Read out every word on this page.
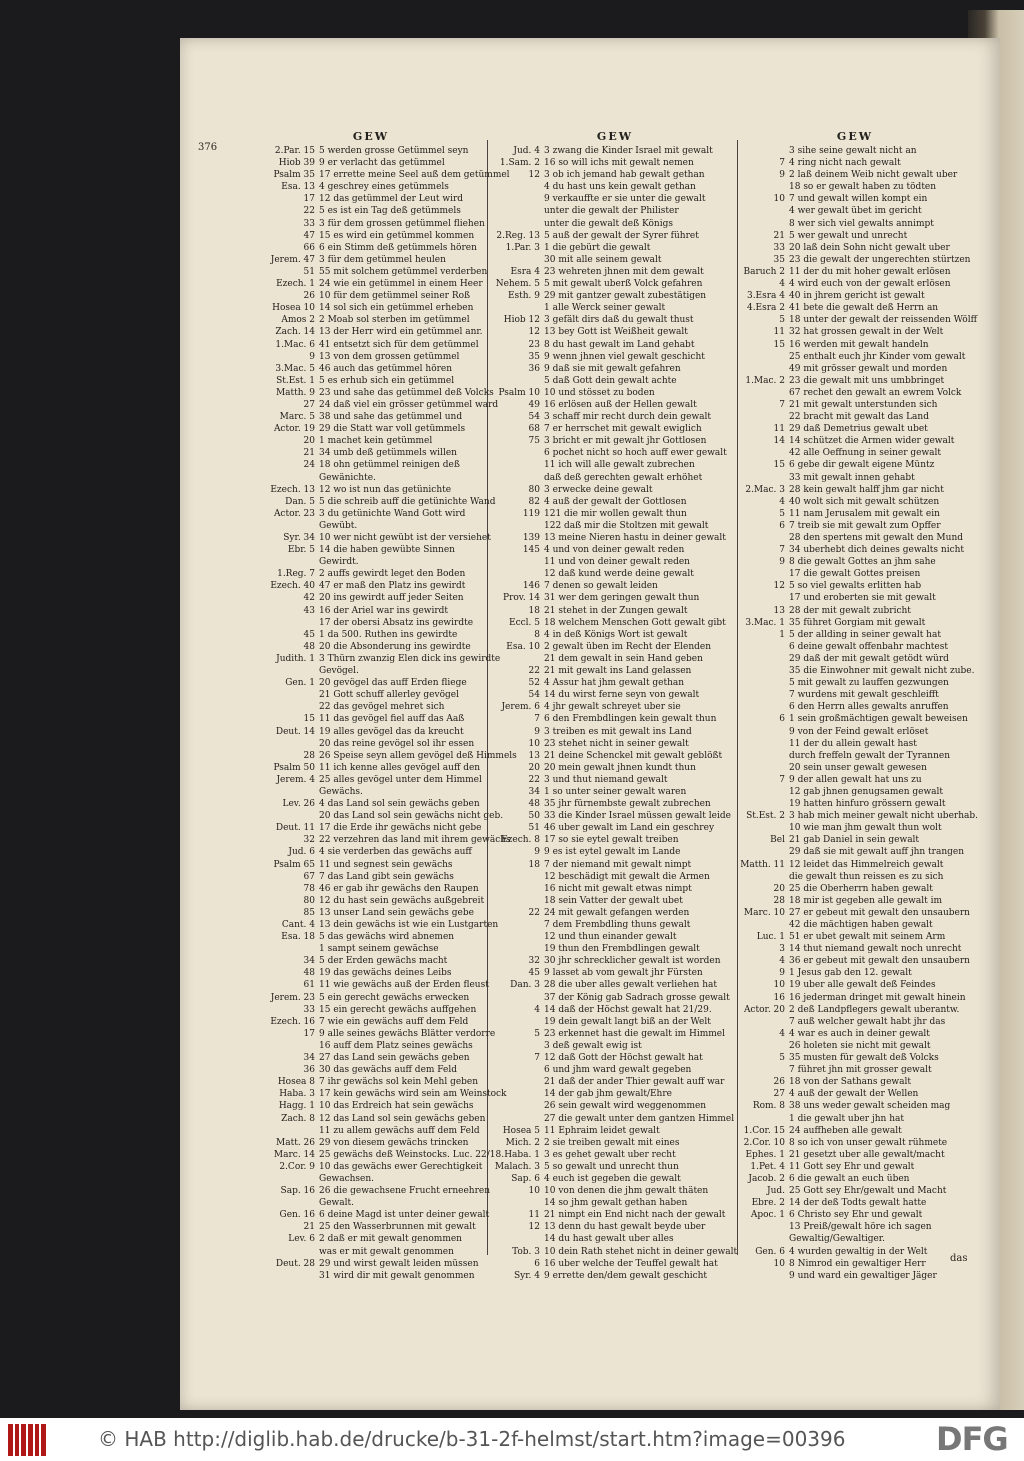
376
GEW
2.Par. 15 5 werden grosse Getümmel seyn
Hiob 39 9 er verlacht das getümmel
Psalm 35 17 errette meine Seel auß dem getümmel
Esa. 13 4 geschrey eines getümmels
17 12 das getümmel der Leut wird
22 5 es ist ein Tag deß getümmels
33 3 für dem grossen getümmel fliehen
47 15 es wird ein getümmel kommen
66 6 ein Stimm deß getümmels hören
Jerem. 47 3 für dem getümmel heulen
51 55 mit solchem getümmel verderben
Ezech. 1 24 wie ein getümmel in einem Heer
26 10 für dem getümmel seiner Roß
Hosea 10 14 sol sich ein getümmel erheben
Amos 2 2 Moab sol sterben im getümmel
Zach. 14 13 der Herr wird ein getümmel anr.
1.Mac. 6 41 entsetzt sich für dem getümmel
9 13 von dem grossen getümmel
3.Mac. 5 46 auch das getümmel hören
St.Est. 1 5 es erhub sich ein getümmel
Matth. 9 23 und sahe das getümmel deß Volcks
27 24 daß viel ein grösser getümmel ward
Marc. 5 38 und sahe das getümmel und
Actor. 19 29 die Statt war voll getümmels
20 1 machet kein getümmel
21 34 umb deß getümmels willen
24 18 ohn getümmel reinigen deß
Gewänichte.
Ezech. 13 12 wo ist nun das getünichte
Dan. 5 5 die schreib auff die getünichte Wand
Actor. 23 3 du getünichte Wand Gott wird
Gewübt.
Syr. 34 10 wer nicht gewübt ist der versiehet
Ebr. 5 14 die haben gewübte Sinnen
Gewirdt.
1.Reg. 7 2 auffs gewirdt leget den Boden
Ezech. 40 47 er maß den Platz ins gewirdt
42 20 ins gewirdt auff jeder Seiten
43 16 der Ariel war ins gewirdt
17 der obersi Absatz ins gewirdte
45 1 da 500. Ruthen ins gewirdte
48 20 die Absonderung ins gewirdte
Judith. 1 3 Thürn zwanzig Elen dick ins gewirdte
Gevögel.
Gen. 1 20 gevögel das auff Erden fliege
21 Gott schuff allerley gevögel
22 das gevögel mehret sich
15 11 das gevögel fiel auff das Aaß
Deut. 14 19 alles gevögel das da kreucht
20 das reine gevögel sol ihr essen
28 26 Speise seyn allem gevögel deß Himmels
Psalm 50 11 ich kenne alles gevögel auff den
Jerem. 4 25 alles gevögel unter dem Himmel
Gewächs.
Lev. 26 4 das Land sol sein gewächs geben
20 das Land sol sein gewächs nicht geb.
Deut. 11 17 die Erde ihr gewächs nicht gebe
32 22 verzehren das land mit ihrem gewächs
Jud. 6 4 sie verderben das gewächs auff
Psalm 65 11 und segnest sein gewächs
67 7 das Land gibt sein gewächs
78 46 er gab ihr gewächs den Raupen
80 12 du hast sein gewächs außgebreit
85 13 unser Land sein gewächs gebe
Cant. 4 13 dein gewächs ist wie ein Lustgarten
Esa. 18 5 das gewächs wird abnemen
1 sampt seinem gewächse
34 5 der Erden gewächs macht
48 19 das gewächs deines Leibs
61 11 wie gewächs auß der Erden fleust
Jerem. 23 5 ein gerecht gewächs erwecken
33 15 ein gerecht gewächs auffgehen
Ezech. 16 7 wie ein gewächs auff dem Feld
17 9 alle seines gewächs Blätter verdorre
16 auff dem Platz seines gewächs
34 27 das Land sein gewächs geben
36 30 das gewächs auff dem Feld
Hosea 8 7 ihr gewächs sol kein Mehl geben
Haba. 3 17 kein gewächs wird sein am Weinstock
Hagg. 1 10 das Erdreich hat sein gewächs
Zach. 8 12 das Land sol sein gewächs geben
11 zu allem gewächs auff dem Feld
Matt. 26 29 von diesem gewächs trincken
Marc. 14 25 gewächs deß Weinstocks. Luc. 22/18.
2.Cor. 9 10 das gewächs ewer Gerechtigkeit
Gewachsen.
Sap. 16 26 die gewachsene Frucht erneehren
Gewalt.
Gen. 16 6 deine Magd ist unter deiner gewalt
21 25 den Wasserbrunnen mit gewalt
Lev. 6 2 daß er mit gewalt genommen
was er mit gewalt genommen
Deut. 28 29 und wirst gewalt leiden müssen
31 wird dir mit gewalt genommen
GEW
Jud. 4 3 zwang die Kinder Israel mit gewalt
1.Sam. 2 16 so will ichs mit gewalt nemen
12 3 ob ich jemand hab gewalt gethan
4 du hast uns kein gewalt gethan
9 verkauffte er sie unter die gewalt
unter die gewalt der Philister
unter die gewalt deß Königs
2.Reg. 13 5 auß der gewalt der Syrer führet
1.Par. 3 1 die gebürt die gewalt
30 mit alle seinem gewalt
Esra 4 23 wehreten jhnen mit dem gewalt
Nehem. 5 5 mit gewalt uberß Volck gefahren
Esth. 9 29 mit gantzer gewalt zubestätigen
1 alle Werck seiner gewalt
Hiob 12 3 gefält dirs daß du gewalt thust
12 13 bey Gott ist Weißheit gewalt
23 8 du hast gewalt im Land gehabt
35 9 wenn jhnen viel gewalt geschicht
36 9 daß sie mit gewalt gefahren
5 daß Gott dein gewalt achte
Psalm 10 10 und stösset zu boden
49 16 erlösen auß der Hellen gewalt
54 3 schaff mir recht durch dein gewalt
68 7 er herrschet mit gewalt ewiglich
75 3 bricht er mit gewalt jhr Gottlosen
6 pochet nicht so hoch auff ewer gewalt
11 ich will alle gewalt zubrechen
daß deß gerechten gewalt erhöhet
80 3 erwecke deine gewalt
82 4 auß der gewalt der Gottlosen
119 121 die mir wollen gewalt thun
122 daß mir die Stoltzen mit gewalt
139 13 meine Nieren hastu in deiner gewalt
145 4 und von deiner gewalt reden
11 und von deiner gewalt reden
12 daß kund werde deine gewalt
146 7 denen so gewalt leiden
Prov. 14 31 wer dem geringen gewalt thun
18 21 stehet in der Zungen gewalt
Eccl. 5 18 welchem Menschen Gott gewalt gibt
8 4 in deß Königs Wort ist gewalt
Esa. 10 2 gewalt üben im Recht der Elenden
21 dem gewalt in sein Hand geben
22 21 mit gewalt ins Land gelassen
52 4 Assur hat jhm gewalt gethan
54 14 du wirst ferne seyn von gewalt
Jerem. 6 4 jhr gewalt schreyet uber sie
7 6 den Frembdlingen kein gewalt thun
9 3 treiben es mit gewalt ins Land
10 23 stehet nicht in seiner gewalt
13 21 deine Schenckel mit gewalt geblößt
20 20 mein gewalt jhnen kundt thun
22 3 und thut niemand gewalt
34 1 so unter seiner gewalt waren
48 35 jhr fürnembste gewalt zubrechen
50 33 die Kinder Israel müssen gewalt leide
51 46 uber gewalt im Land ein geschrey
Ezech. 8 17 so sie eytel gewalt treiben
9 9 es ist eytel gewalt im Lande
18 7 der niemand mit gewalt nimpt
12 beschädigt mit gewalt die Armen
16 nicht mit gewalt etwas nimpt
18 sein Vatter der gewalt ubet
22 24 mit gewalt gefangen werden
7 dem Frembdling thuns gewalt
12 und thun einander gewalt
19 thun den Frembdlingen gewalt
32 30 jhr schrecklicher gewalt ist worden
45 9 lasset ab vom gewalt jhr Fürsten
Dan. 3 28 die uber alles gewalt verliehen hat
37 der König gab Sadrach grosse gewalt
4 14 daß der Höchst gewalt hat 21/29.
19 dein gewalt langt biß an der Welt
5 23 erkennet hast die gewalt im Himmel
3 deß gewalt ewig ist
7 12 daß Gott der Höchst gewalt hat
6 und jhm ward gewalt gegeben
21 daß der ander Thier gewalt auff war
14 der gab jhm gewalt/Ehre
26 sein gewalt wird weggenommen
27 die gewalt unter dem gantzen Himmel
Hosea 5 11 Ephraim leidet gewalt
Mich. 2 2 sie treiben gewalt mit eines
Haba. 1 3 es gehet gewalt uber recht
Malach. 3 5 so gewalt und unrecht thun
Sap. 6 4 euch ist gegeben die gewalt
10 10 von denen die jhm gewalt thäten
14 so jhm gewalt gethan haben
11 21 nimpt ein End nicht nach der gewalt
12 13 denn du hast gewalt beyde uber
14 du hast gewalt uber alles
Tob. 3 10 dein Rath stehet nicht in deiner gewalt
6 16 uber welche der Teuffel gewalt hat
Syr. 4 9 errette den/dem gewalt geschicht
GEW
3 sihe seine gewalt nicht an
7 4 ring nicht nach gewalt
9 2 laß deinem Weib nicht gewalt uber
18 so er gewalt haben zu tödten
10 7 und gewalt willen kompt ein
4 wer gewalt übet im gericht
8 wer sich viel gewalts annimpt
21 5 wer gewalt und unrecht
33 20 laß dein Sohn nicht gewalt uber
35 23 die gewalt der ungerechten stürtzen
Baruch 2 11 der du mit hoher gewalt erlösen
4 4 wird euch von der gewalt erlösen
3.Esra 4 40 in jhrem gericht ist gewalt
4.Esra 2 41 bete die gewalt deß Herrn an
5 18 unter der gewalt der reissenden Wölff
11 32 hat grossen gewalt in der Welt
15 16 werden mit gewalt handeln
25 enthalt euch jhr Kinder vom gewalt
49 mit grösser gewalt und morden
1.Mac. 2 23 die gewalt mit uns umbbringet
67 rechet den gewalt an ewrem Volck
7 21 mit gewalt unterstunden sich
22 bracht mit gewalt das Land
11 29 daß Demetrius gewalt ubet
14 14 schützet die Armen wider gewalt
42 alle Oeffnung in seiner gewalt
15 6 gebe dir gewalt eigene Müntz
33 mit gewalt innen gehabt
2.Mac. 3 28 kein gewalt halff jhm gar nicht
4 40 wolt sich mit gewalt schützen
5 11 nam Jerusalem mit gewalt ein
6 7 treib sie mit gewalt zum Opffer
28 den spertens mit gewalt den Mund
7 34 uberhebt dich deines gewalts nicht
9 8 die gewalt Gottes an jhm sahe
17 die gewalt Gottes preisen
12 5 so viel gewalts erlitten hab
17 und eroberten sie mit gewalt
13 28 der mit gewalt zubricht
3.Mac. 1 35 führet Gorgiam mit gewalt
1 5 der allding in seiner gewalt hat
6 deine gewalt offenbahr machtest
29 daß der mit gewalt getödt würd
35 die Einwohner mit gewalt nicht zube.
5 mit gewalt zu lauffen gezwungen
7 wurdens mit gewalt geschleifft
6 den Herrn alles gewalts anruffen
6 1 sein großmächtigen gewalt beweisen
9 von der Feind gewalt erlöset
11 der du allein gewalt hast
durch freffeln gewalt der Tyrannen
20 sein unser gewalt gewesen
7 9 der allen gewalt hat uns zu
12 gab jhnen genugsamen gewalt
19 hatten hinfuro grössern gewalt
St.Est. 2 3 hab mich meiner gewalt nicht uberhab.
10 wie man jhm gewalt thun wolt
Bel 21 gab Daniel in sein gewalt
29 daß sie mit gewalt auff jhn trangen
Matth. 11 12 leidet das Himmelreich gewalt
die gewalt thun reissen es zu sich
20 25 die Oberherrn haben gewalt
28 18 mir ist gegeben alle gewalt im
Marc. 10 27 er gebeut mit gewalt den unsaubern
42 die mächtigen haben gewalt
Luc. 1 51 er ubet gewalt mit seinem Arm
3 14 thut niemand gewalt noch unrecht
4 36 er gebeut mit gewalt den unsaubern
9 1 Jesus gab den 12. gewalt
10 19 uber alle gewalt deß Feindes
16 16 jederman dringet mit gewalt hinein
Actor. 20 2 deß Landpflegers gewalt uberantw.
7 auß welcher gewalt habt jhr das
4 4 war es auch in deiner gewalt
26 holeten sie nicht mit gewalt
5 35 musten für gewalt deß Volcks
7 führet jhn mit grosser gewalt
26 18 von der Sathans gewalt
27 4 auß der gewalt der Wellen
Rom. 8 38 uns weder gewalt scheiden mag
1 die gewalt uber jhn hat
1.Cor. 15 24 auffheben alle gewalt
2.Cor. 10 8 so ich von unser gewalt rühmete
Ephes. 1 21 gesetzt uber alle gewalt/macht
1.Pet. 4 11 Gott sey Ehr und gewalt
Jacob. 2 6 die gewalt an euch üben
Jud. 25 Gott sey Ehr/gewalt und Macht
Ebre. 2 14 der deß Todts gewalt hatte
Apoc. 1 6 Christo sey Ehr und gewalt
13 Preiß/gewalt höre ich sagen
Gewaltig/Gewaltiger.
Gen. 6 4 wurden gewaltig in der Welt
10 8 Nimrod ein gewaltiger Herr
9 und ward ein gewaltiger Jäger
das
© HAB http://diglib.hab.de/drucke/b-31-2f-helmst/start.htm?image=00396	DFG
